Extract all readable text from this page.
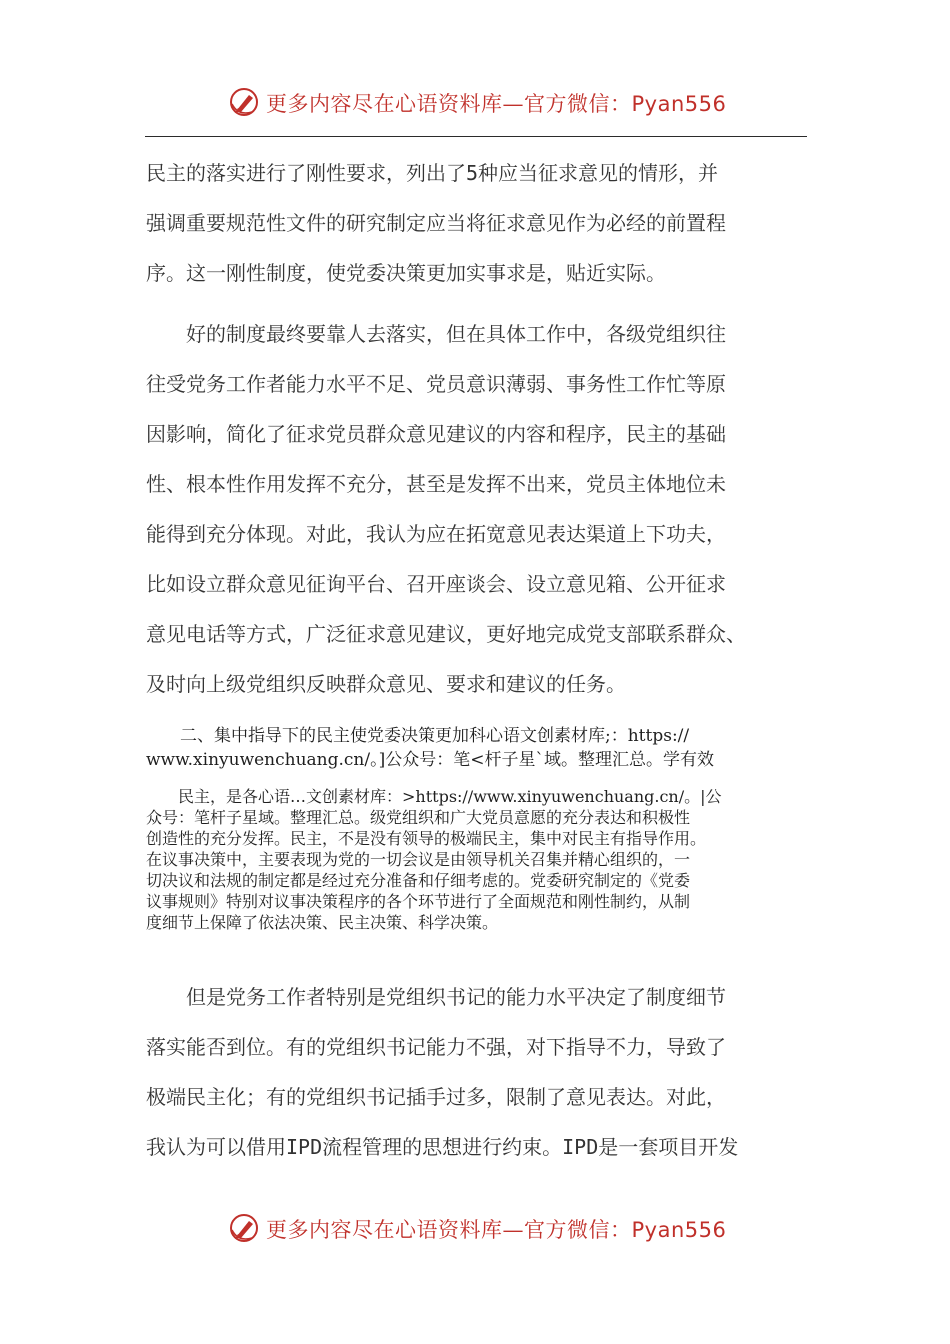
更多内容尽在心语资料库—官方微信：Pyan556
民主的落实进行了刚性要求，列出了5种应当征求意见的情形，并
强调重要规范性文件的研究制定应当将征求意见作为必经的前置程
序。这一刚性制度，使党委决策更加实事求是，贴近实际。
　　好的制度最终要靠人去落实，但在具体工作中，各级党组织往
往受党务工作者能力水平不足、党员意识薄弱、事务性工作忙等原
因影响，简化了征求党员群众意见建议的内容和程序，民主的基础
性、根本性作用发挥不充分，甚至是发挥不出来，党员主体地位未
能得到充分体现。对此，我认为应在拓宽意见表达渠道上下功夫，
比如设立群众意见征询平台、召开座谈会、设立意见箱、公开征求
意见电话等方式，广泛征求意见建议，更好地完成党支部联系群众、
及时向上级党组织反映群众意见、要求和建议的任务。
　　二、集中指导下的民主使党委决策更加科心语文创素材库;：https://
www.xinyuwenchuang.cn/。]公众号：笔<杆子星`域。整理汇总。学有效
　　民主，是各心语…文创素材库：>https://www.xinyuwenchuang.cn/。|公
众号：笔杆子星域。整理汇总。级党组织和广大党员意愿的充分表达和积极性
创造性的充分发挥。民主，不是没有领导的极端民主，集中对民主有指导作用。
在议事决策中，主要表现为党的一切会议是由领导机关召集并精心组织的，一
切决议和法规的制定都是经过充分准备和仔细考虑的。党委研究制定的《党委
议事规则》特别对议事决策程序的各个环节进行了全面规范和刚性制约，从制
度细节上保障了依法决策、民主决策、科学决策。
　　但是党务工作者特别是党组织书记的能力水平决定了制度细节
落实能否到位。有的党组织书记能力不强，对下指导不力，导致了
极端民主化；有的党组织书记插手过多，限制了意见表达。对此，
我认为可以借用IPD流程管理的思想进行约束。IPD是一套项目开发
更多内容尽在心语资料库—官方微信：Pyan556
